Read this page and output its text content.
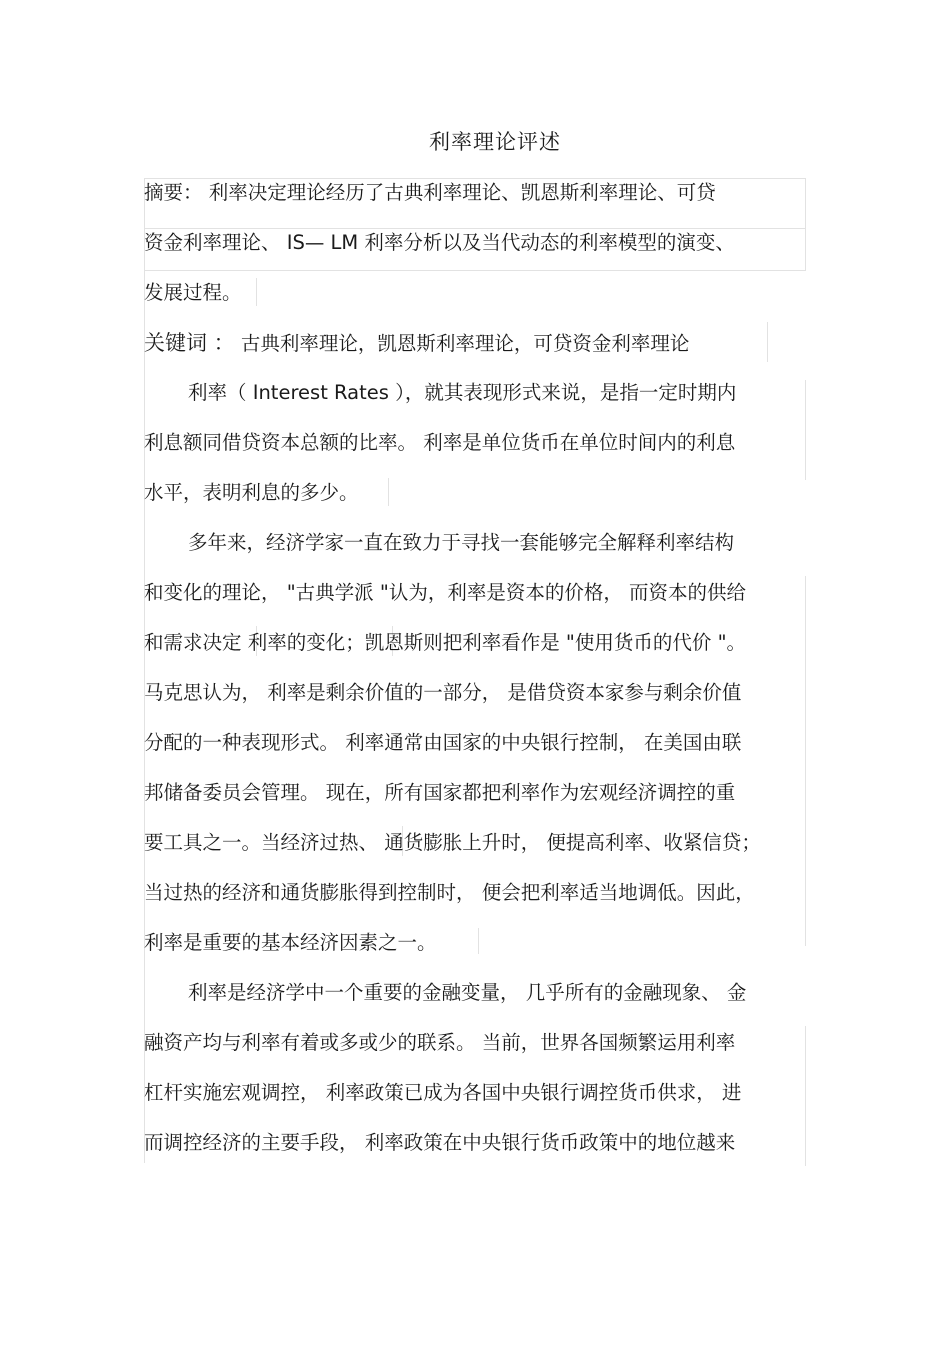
利率理论评述
摘要： 利率决定理论经历了古典利率理论、凯恩斯利率理论、可贷
资金利率理论、 IS— LM 利率分析以及当代动态的利率模型的演变、
发展过程。
关键词 ： 古典利率理论，凯恩斯利率理论，可贷资金利率理论
利率（ Interest Rates ），就其表现形式来说，是指一定时期内
利息额同借贷资本总额的比率。 利率是单位货币在单位时间内的利息
水平，表明利息的多少。
多年来，经济学家一直在致力于寻找一套能够完全解释利率结构
和变化的理论， "古典学派 "认为，利率是资本的价格， 而资本的供给
和需求决定 利率的变化；凯恩斯则把利率看作是 "使用货币的代价 "。
马克思认为， 利率是剩余价值的一部分， 是借贷资本家参与剩余价值
分配的一种表现形式。 利率通常由国家的中央银行控制， 在美国由联
邦储备委员会管理。 现在，所有国家都把利率作为宏观经济调控的重
要工具之一。当经济过热、 通货膨胀上升时， 便提高利率、收紧信贷；
当过热的经济和通货膨胀得到控制时， 便会把利率适当地调低。因此，
利率是重要的基本经济因素之一。
利率是经济学中一个重要的金融变量， 几乎所有的金融现象、 金
融资产均与利率有着或多或少的联系。 当前，世界各国频繁运用利率
杠杆实施宏观调控， 利率政策已成为各国中央银行调控货币供求， 进
而调控经济的主要手段， 利率政策在中央银行货币政策中的地位越来
